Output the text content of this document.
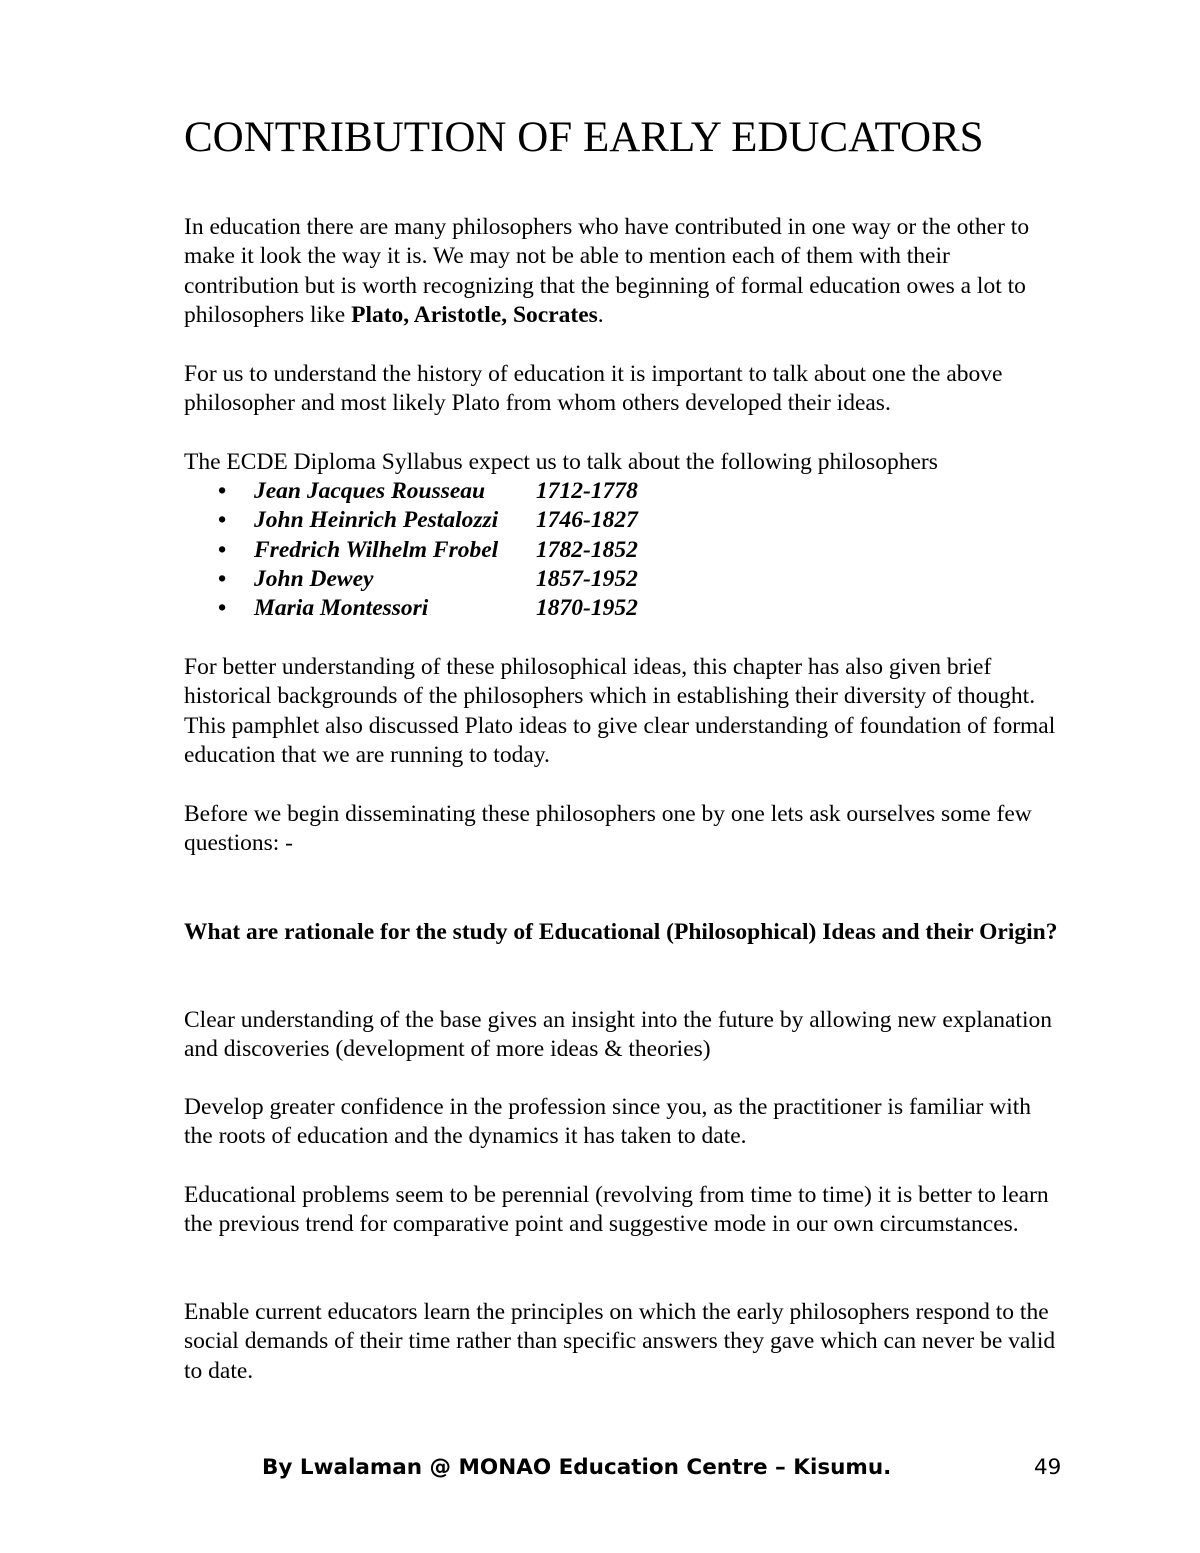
CONTRIBUTION OF EARLY EDUCATORS

In education there are many philosophers who have contributed in one way or the other to make it look the way it is. We may not be able to mention each of them with their contribution but is worth recognizing that the beginning of formal education owes a lot to philosophers like Plato, Aristotle, Socrates.

For us to understand the history of education it is important to talk about one the above philosopher and most likely Plato from whom others developed their ideas.

The ECDE Diploma Syllabus expect us to talk about the following philosophers

• Jean Jacques Rousseau 1712-1778
• John Heinrich Pestalozzi 1746-1827
• Fredrich Wilhelm Frobel 1782-1852
• John Dewey	1857-1952
• Maria Montessori	1870-1952

For better understanding of these philosophical ideas, this chapter has also given brief historical backgrounds of the philosophers which in establishing their diversity of thought. This pamphlet also discussed Plato ideas to give clear understanding of foundation of formal education that we are running to today.

Before we begin disseminating these philosophers one by one lets ask ourselves some few questions: -

What are rationale for the study of Educational (Philosophical) Ideas and their Origin?

Clear understanding of the base gives an insight into the future by allowing new explanation and discoveries (development of more ideas & theories)

Develop greater confidence in the profession since you, as the practitioner is familiar with the roots of education and the dynamics it has taken to date.

Educational problems seem to be perennial (revolving from time to time) it is better to learn the previous trend for comparative point and suggestive mode in our own circumstances.

Enable current educators learn the principles on which the early philosophers respond to the social demands of their time rather than specific answers they gave which can never be valid to date.

By Lwalaman @ MONAO Education Centre – Kisumu.	49
